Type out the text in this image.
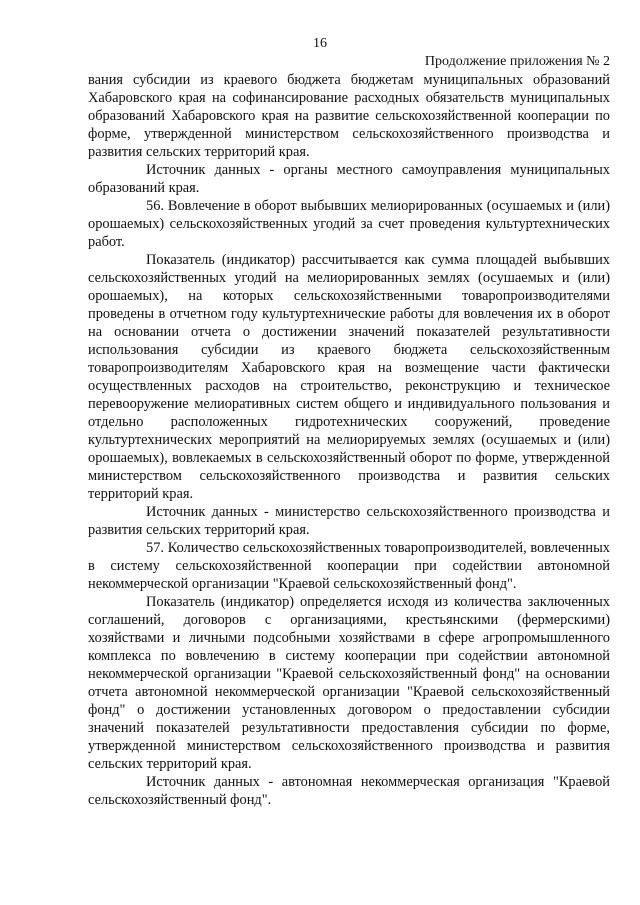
16
Продолжение приложения № 2

вания субсидии из краевого бюджета бюджетам муниципальных образований Хабаровского края на софинансирование расходных обязательств муниципальных образований Хабаровского края на развитие сельскохозяйственной кооперации по форме, утвержденной министерством сельскохозяйственного производства и развития сельских территорий края.

Источник данных - органы местного самоуправления муниципальных образований края.

56. Вовлечение в оборот выбывших мелиорированных (осушаемых и (или) орошаемых) сельскохозяйственных угодий за счет проведения культуртехнических работ.

Показатель (индикатор) рассчитывается как сумма площадей выбывших сельскохозяйственных угодий на мелиорированных землях (осушаемых и (или) орошаемых), на которых сельскохозяйственными товаропроизводителями проведены в отчетном году культуртехнические работы для вовлечения их в оборот на основании отчета о достижении значений показателей результативности использования субсидии из краевого бюджета сельскохозяйственным товаропроизводителям Хабаровского края на возмещение части фактически осуществленных расходов на строительство, реконструкцию и техническое перевооружение мелиоративных систем общего и индивидуального пользования и отдельно расположенных гидротехнических сооружений, проведение культуртехнических мероприятий на мелиорируемых землях (осушаемых и (или) орошаемых), вовлекаемых в сельскохозяйственный оборот по форме, утвержденной министерством сельскохозяйственного производства и развития сельских территорий края.

Источник данных - министерство сельскохозяйственного производства и развития сельских территорий края.

57. Количество сельскохозяйственных товаропроизводителей, вовлеченных в систему сельскохозяйственной кооперации при содействии автономной некоммерческой организации "Краевой сельскохозяйственный фонд".

Показатель (индикатор) определяется исходя из количества заключенных соглашений, договоров с организациями, крестьянскими (фермерскими) хозяйствами и личными подсобными хозяйствами в сфере агропромышленного комплекса по вовлечению в систему кооперации при содействии автономной некоммерческой организации "Краевой сельскохозяйственный фонд" на основании отчета автономной некоммерческой организации "Краевой сельскохозяйственный фонд" о достижении установленных договором о предоставлении субсидии значений показателей результативности предоставления субсидии по форме, утвержденной министерством сельскохозяйственного производства и развития сельских территорий края.

Источник данных - автономная некоммерческая организация "Краевой сельскохозяйственный фонд".
